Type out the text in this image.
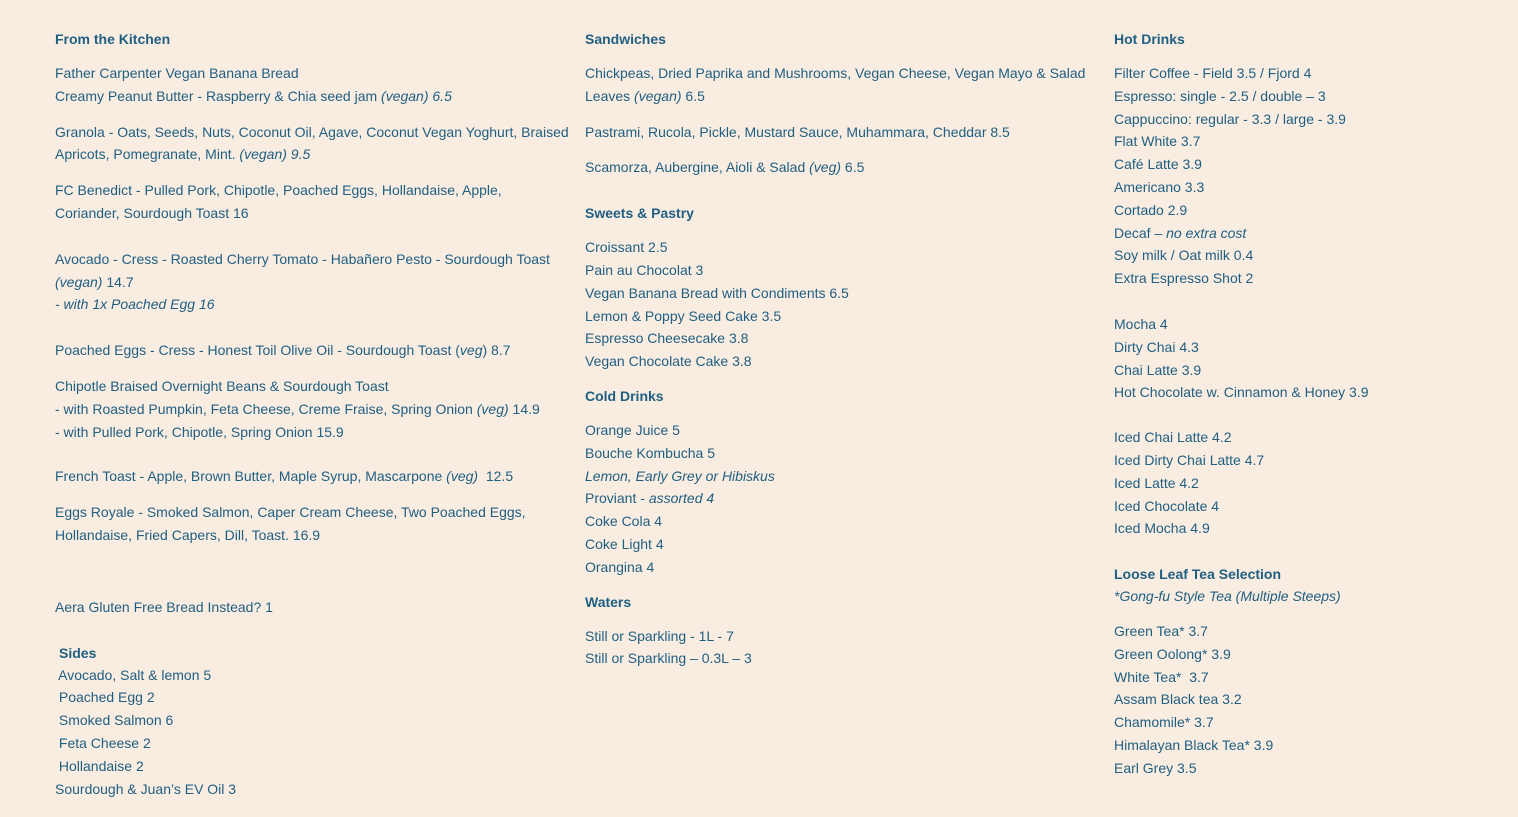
From the Kitchen

Father Carpenter Vegan Banana Bread
Creamy Peanut Butter - Raspberry & Chia seed jam (vegan) 6.5

Granola - Oats, Seeds, Nuts, Coconut Oil, Agave, Coconut Vegan Yoghurt, Braised Apricots, Pomegranate, Mint. (vegan) 9.5

FC Benedict - Pulled Pork, Chipotle, Poached Eggs, Hollandaise, Apple, Coriander, Sourdough Toast 16

Avocado - Cress - Roasted Cherry Tomato - Habañero Pesto - Sourdough Toast (vegan) 14.7
- with 1x Poached Egg 16

Poached Eggs - Cress - Honest Toil Olive Oil - Sourdough Toast (veg) 8.7

Chipotle Braised Overnight Beans & Sourdough Toast
- with Roasted Pumpkin, Feta Cheese, Creme Fraise, Spring Onion (veg) 14.9
- with Pulled Pork, Chipotle, Spring Onion 15.9

French Toast - Apple, Brown Butter, Maple Syrup, Mascarpone (veg)  12.5

Eggs Royale - Smoked Salmon, Caper Cream Cheese, Two Poached Eggs, Hollandaise, Fried Capers, Dill, Toast. 16.9

Aera Gluten Free Bread Instead? 1

Sides
Avocado, Salt & lemon 5
Poached Egg 2
Smoked Salmon 6
Feta Cheese 2
Hollandaise 2
Sourdough & Juan’s EV Oil 3
Sandwiches

Chickpeas, Dried Paprika and Mushrooms, Vegan Cheese, Vegan Mayo & Salad Leaves (vegan) 6.5

Pastrami, Rucola, Pickle, Mustard Sauce, Muhammara, Cheddar 8.5

Scamorza, Aubergine, Aioli & Salad (veg) 6.5

Sweets & Pastry
Croissant 2.5
Pain au Chocolat 3
Vegan Banana Bread with Condiments 6.5
Lemon & Poppy Seed Cake 3.5
Espresso Cheesecake 3.8
Vegan Chocolate Cake 3.8
Cold Drinks
Orange Juice 5
Bouche Kombucha 5
Lemon, Early Grey or Hibiskus
Proviant - assorted 4
Coke Cola 4
Coke Light 4
Orangina 4
Waters
Still or Sparkling - 1L - 7
Still or Sparkling – 0.3L – 3
Hot Drinks
Filter Coffee - Field 3.5 / Fjord 4
Espresso: single - 2.5 / double – 3
Cappuccino: regular - 3.3 / large - 3.9
Flat White 3.7
Café Latte 3.9
Americano 3.3
Cortado 2.9
Decaf – no extra cost
Soy milk / Oat milk 0.4
Extra Espresso Shot 2
Mocha 4
Dirty Chai 4.3
Chai Latte 3.9
Hot Chocolate w. Cinnamon & Honey 3.9
Iced Chai Latte 4.2
Iced Dirty Chai Latte 4.7
Iced Latte 4.2
Iced Chocolate 4
Iced Mocha 4.9
Loose Leaf Tea Selection
*Gong-fu Style Tea (Multiple Steeps)
Green Tea* 3.7
Green Oolong* 3.9
White Tea*  3.7
Assam Black tea 3.2
Chamomile* 3.7
Himalayan Black Tea* 3.9
Earl Grey 3.5
